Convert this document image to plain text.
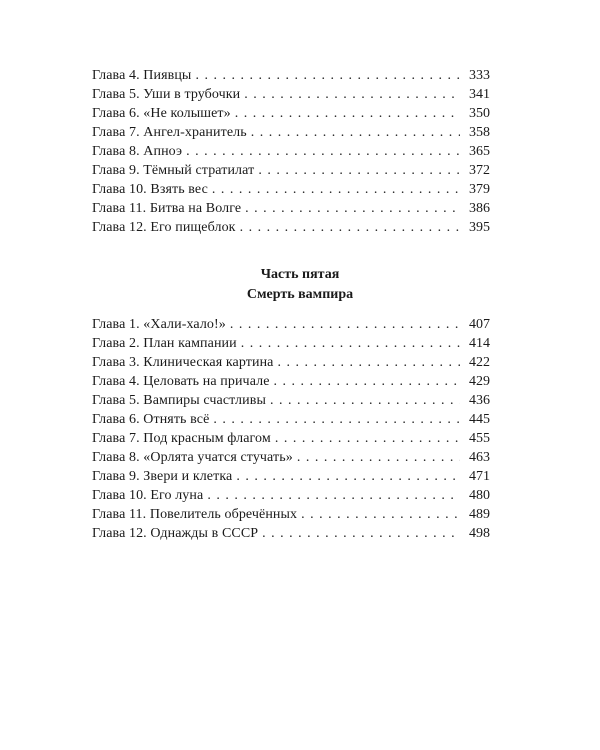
Глава 4. Пиявцы . . .	333
Глава 5. Уши в трубочки . . .	341
Глава 6. «Не колышет» . . .	350
Глава 7. Ангел-хранитель . . .	358
Глава 8. Апноэ . . .	365
Глава 9. Тёмный стратилат . . .	372
Глава 10. Взять вес . . .	379
Глава 11. Битва на Волге . . .	386
Глава 12. Его пищеблок . . .	395
Часть пятая
Смерть вампира
Глава 1. «Хали-хало!» . . .	407
Глава 2. План кампании . . .	414
Глава 3. Клиническая картина . . .	422
Глава 4. Целовать на причале . . .	429
Глава 5. Вампиры счастливы . . .	436
Глава 6. Отнять всё . . .	445
Глава 7. Под красным флагом . . .	455
Глава 8. «Орлята учатся стучать» . . .	463
Глава 9. Звери и клетка . . .	471
Глава 10. Его луна . . .	480
Глава 11. Повелитель обречённых . . .	489
Глава 12. Однажды в СССР . . .	498
